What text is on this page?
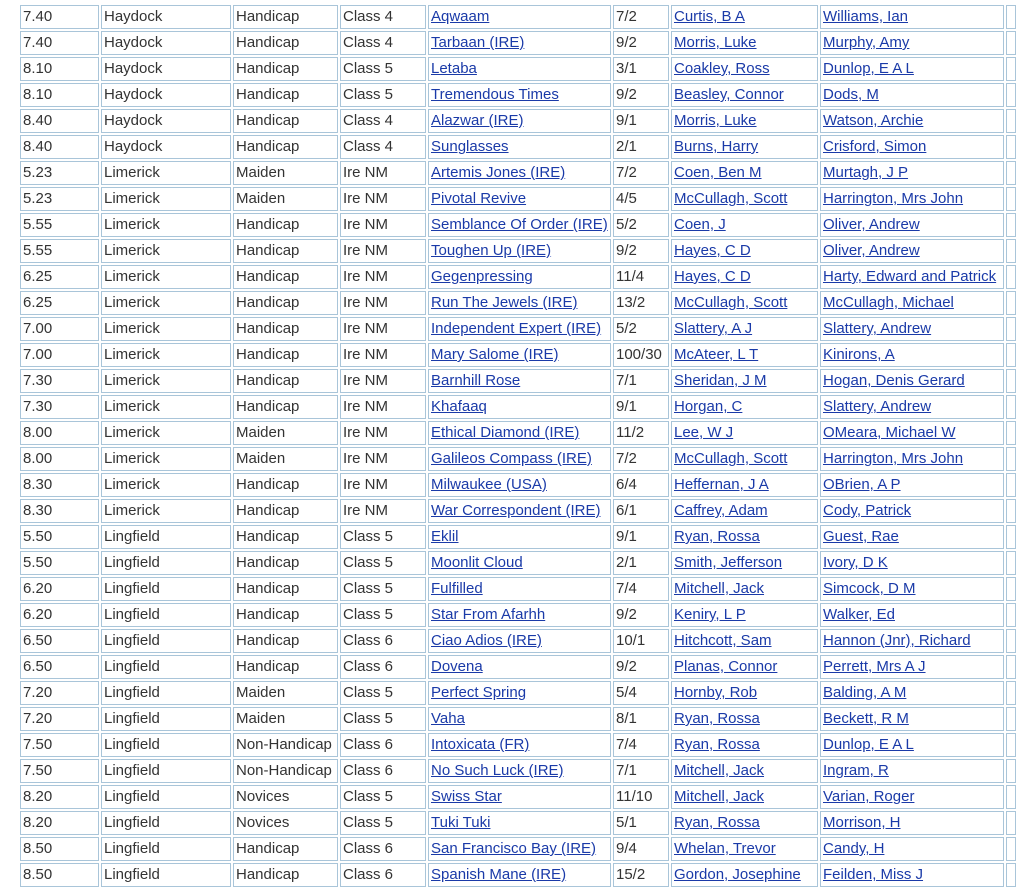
7.40	Haydock	Handicap	Class 4	Aqwaam	7/2	Curtis, B A	Williams, Ian	
7.40	Haydock	Handicap	Class 4	Tarbaan (IRE)	9/2	Morris, Luke	Murphy, Amy	
8.10	Haydock	Handicap	Class 5	Letaba	3/1	Coakley, Ross	Dunlop, E A L	
8.10	Haydock	Handicap	Class 5	Tremendous Times	9/2	Beasley, Connor	Dods, M	
8.40	Haydock	Handicap	Class 4	Alazwar (IRE)	9/1	Morris, Luke	Watson, Archie	
8.40	Haydock	Handicap	Class 4	Sunglasses	2/1	Burns, Harry	Crisford, Simon	
5.23	Limerick	Maiden	Ire NM	Artemis Jones (IRE)	7/2	Coen, Ben M	Murtagh, J P	
5.23	Limerick	Maiden	Ire NM	Pivotal Revive	4/5	McCullagh, Scott	Harrington, Mrs John	
5.55	Limerick	Handicap	Ire NM	Semblance Of Order (IRE)	5/2	Coen, J	Oliver, Andrew	
5.55	Limerick	Handicap	Ire NM	Toughen Up (IRE)	9/2	Hayes, C D	Oliver, Andrew	
6.25	Limerick	Handicap	Ire NM	Gegenpressing	11/4	Hayes, C D	Harty, Edward and Patrick	
6.25	Limerick	Handicap	Ire NM	Run The Jewels (IRE)	13/2	McCullagh, Scott	McCullagh, Michael	
7.00	Limerick	Handicap	Ire NM	Independent Expert (IRE)	5/2	Slattery, A J	Slattery, Andrew	
7.00	Limerick	Handicap	Ire NM	Mary Salome (IRE)	100/30	McAteer, L T	Kinirons, A	
7.30	Limerick	Handicap	Ire NM	Barnhill Rose	7/1	Sheridan, J M	Hogan, Denis Gerard	
7.30	Limerick	Handicap	Ire NM	Khafaaq	9/1	Horgan, C	Slattery, Andrew	
8.00	Limerick	Maiden	Ire NM	Ethical Diamond (IRE)	11/2	Lee, W J	OMeara, Michael W	
8.00	Limerick	Maiden	Ire NM	Galileos Compass (IRE)	7/2	McCullagh, Scott	Harrington, Mrs John	
8.30	Limerick	Handicap	Ire NM	Milwaukee (USA)	6/4	Heffernan, J A	OBrien, A P	
8.30	Limerick	Handicap	Ire NM	War Correspondent (IRE)	6/1	Caffrey, Adam	Cody, Patrick	
5.50	Lingfield	Handicap	Class 5	Eklil	9/1	Ryan, Rossa	Guest, Rae	
5.50	Lingfield	Handicap	Class 5	Moonlit Cloud	2/1	Smith, Jefferson	Ivory, D K	
6.20	Lingfield	Handicap	Class 5	Fulfilled	7/4	Mitchell, Jack	Simcock, D M	
6.20	Lingfield	Handicap	Class 5	Star From Afarhh	9/2	Keniry, L P	Walker, Ed	
6.50	Lingfield	Handicap	Class 6	Ciao Adios (IRE)	10/1	Hitchcott, Sam	Hannon (Jnr), Richard	
6.50	Lingfield	Handicap	Class 6	Dovena	9/2	Planas, Connor	Perrett, Mrs A J	
7.20	Lingfield	Maiden	Class 5	Perfect Spring	5/4	Hornby, Rob	Balding, A M	
7.20	Lingfield	Maiden	Class 5	Vaha	8/1	Ryan, Rossa	Beckett, R M	
7.50	Lingfield	Non-Handicap	Class 6	Intoxicata (FR)	7/4	Ryan, Rossa	Dunlop, E A L	
7.50	Lingfield	Non-Handicap	Class 6	No Such Luck (IRE)	7/1	Mitchell, Jack	Ingram, R	
8.20	Lingfield	Novices	Class 5	Swiss Star	11/10	Mitchell, Jack	Varian, Roger	
8.20	Lingfield	Novices	Class 5	Tuki Tuki	5/1	Ryan, Rossa	Morrison, H	
8.50	Lingfield	Handicap	Class 6	San Francisco Bay (IRE)	9/4	Whelan, Trevor	Candy, H	
8.50	Lingfield	Handicap	Class 6	Spanish Mane (IRE)	15/2	Gordon, Josephine	Feilden, Miss J	
